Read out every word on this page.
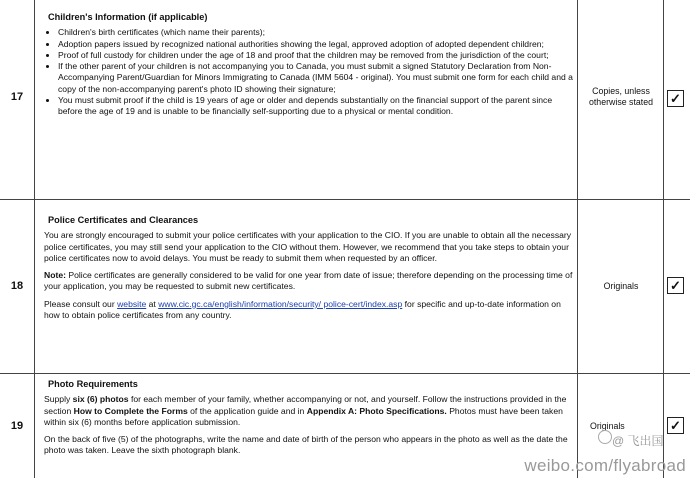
17
Children's Information (if applicable)
• Children's birth certificates (which name their parents);
• Adoption papers issued by recognized national authorities showing the legal, approved adoption of adopted dependent children;
• Proof of full custody for children under the age of 18 and proof that the children may be removed from the jurisdiction of the court;
• If the other parent of your children is not accompanying you to Canada, you must submit a signed Statutory Declaration from Non-Accompanying Parent/Guardian for Minors Immigrating to Canada (IMM 5604 - original). You must submit one form for each child and a copy of the non-accompanying parent's photo ID showing their signature;
• You must submit proof if the child is 19 years of age or older and depends substantially on the financial support of the parent since before the age of 19 and is unable to be financially self-supporting due to a physical or mental condition.
Copies, unless otherwise stated	✓
18
Police Certificates and Clearances

You are strongly encouraged to submit your police certificates with your application to the CIO. If you are unable to obtain all the necessary police certificates, you may still send your application to the CIO without them. However, we recommend that you take steps to obtain your police certificates now to avoid delays. You must be ready to submit them when requested by an officer.

Note: Police certificates are generally considered to be valid for one year from date of issue; therefore depending on the processing time of your application, you may be requested to submit new certificates.

Please consult our website at www.cic.gc.ca/english/information/security/ police-cert/index.asp for specific and up-to-date information on how to obtain police certificates from any country.

Originals	✓
19
Photo Requirements

Supply six (6) photos for each member of your family, whether accompanying or not, and yourself. Follow the instructions provided in the section How to Complete the Forms of the application guide and in Appendix A: Photo Specifications. Photos must have been taken within six (6) months before application submission.

On the back of five (5) of the photographs, write the name and date of birth of the person who appears in the photo as well as the date the photo was taken. Leave the sixth photograph blank.

Originals	✓
@ 飞出国
weibo.com/flyabroad
